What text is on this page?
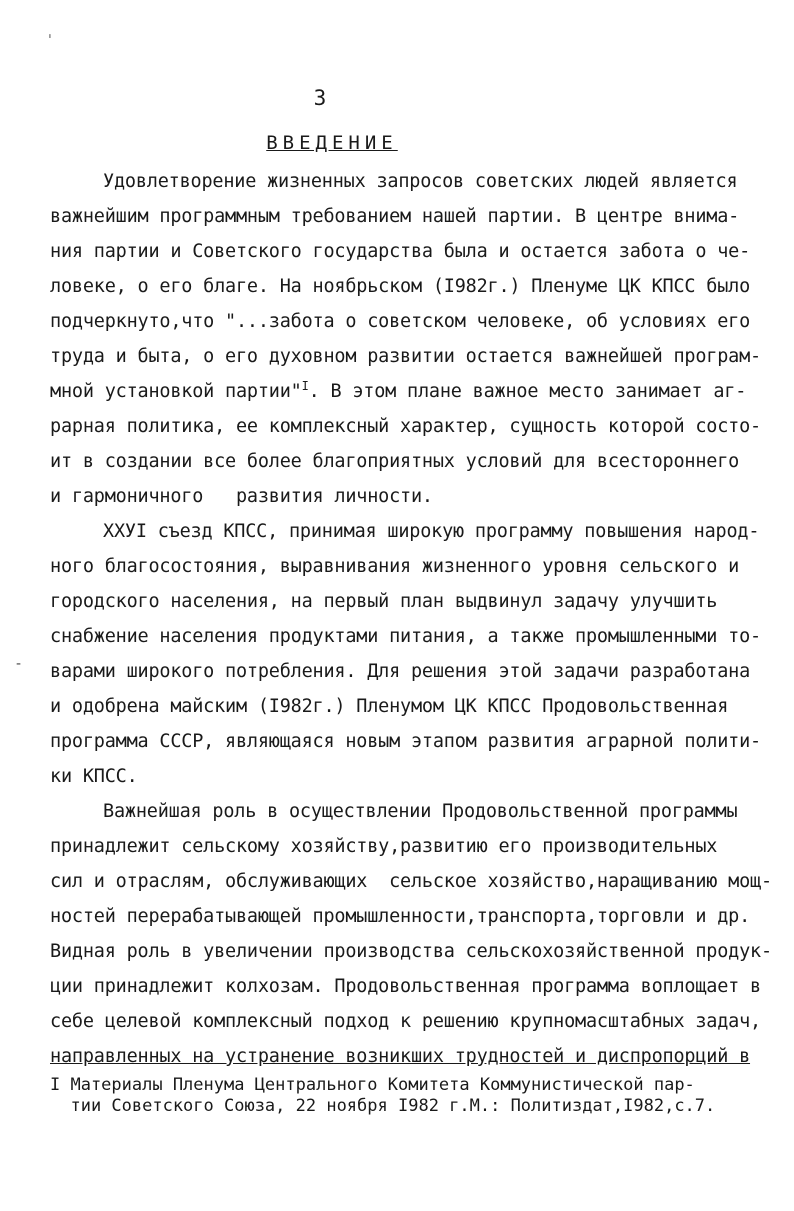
ˌ
-
3
ВВЕДЕНИЕ
Удовлетворение жизненных запросов советских людей является
важнейшим программным требованием нашей партии. В центре внима-
ния партии и Советского государства была и остается забота о че-
ловеке, о его благе. На ноябрьском (I982г.) Пленуме ЦК КПСС было
подчеркнуто,что "...забота о советском человеке, об условиях его
труда и быта, о его духовном развитии остается важнейшей програм-
мной установкой партии"$^I$. В этом плане важное место занимает аг-
рарная политика, ее комплексный характер, сущность которой состо-
ит в создании все более благоприятных условий для всестороннего
и гармоничного   развития личности.
ХХУI съезд КПСС, принимая широкую программу повышения народ-
ного благосостояния, выравнивания жизненного уровня сельского и
городского населения, на первый план выдвинул задачу улучшить
снабжение населения продуктами питания, а также промышленными то-
варами широкого потребления. Для решения этой задачи разработана
и одобрена майским (I982г.) Пленумом ЦК КПСС Продовольственная
программа СССР, являющаяся новым этапом развития аграрной полити-
ки КПСС.
Важнейшая роль в осуществлении Продовольственной программы
принадлежит сельскому хозяйству,развитию его производительных
сил и отраслям, обслуживающих  сельское хозяйство,наращиванию мощ-
ностей перерабатывающей промышленности,транспорта,торговли и др.
Видная роль в увеличении производства сельскохозяйственной продук-
ции принадлежит колхозам. Продовольственная программа воплощает в
себе целевой комплексный подход к решению крупномасштабных задач,
направленных на устранение возникших трудностей и диспропорций в
I Материалы Пленума Центрального Комитета Коммунистической пар-
тии Советского Союза, 22 ноября I982 г.М.: Политиздат,I982,с.7.
